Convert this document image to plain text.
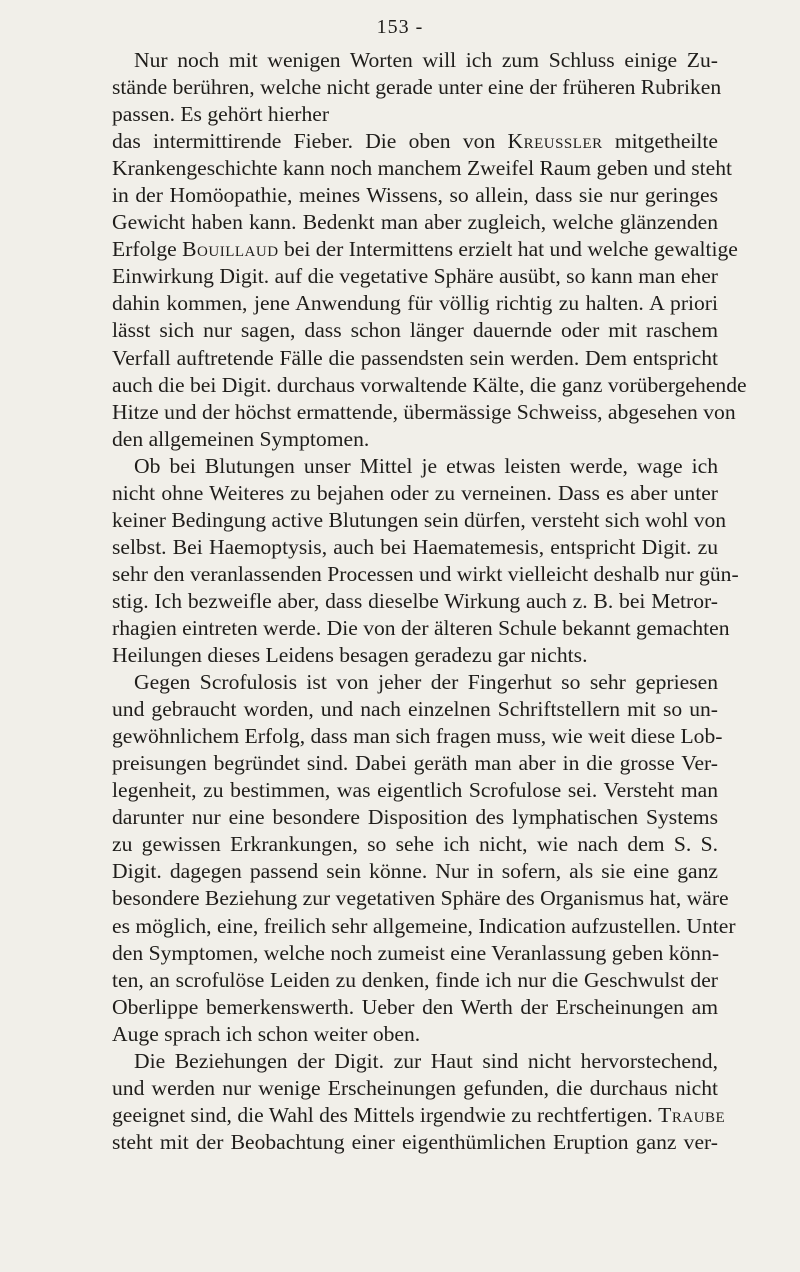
153 -
Nur noch mit wenigen Worten will ich zum Schluss einige Zu-
stände berühren, welche nicht gerade unter eine der früheren Rubriken
passen. Es gehört hierher
das intermittirende Fieber. Die oben von Kreussler mitgetheilte
Krankengeschichte kann noch manchem Zweifel Raum geben und steht
in der Homöopathie, meines Wissens, so allein, dass sie nur geringes
Gewicht haben kann. Bedenkt man aber zugleich, welche glänzenden
Erfolge Bouillaud bei der Intermittens erzielt hat und welche gewaltige
Einwirkung Digit. auf die vegetative Sphäre ausübt, so kann man eher
dahin kommen, jene Anwendung für völlig richtig zu halten. A priori
lässt sich nur sagen, dass schon länger dauernde oder mit raschem
Verfall auftretende Fälle die passendsten sein werden. Dem entspricht
auch die bei Digit. durchaus vorwaltende Kälte, die ganz vorübergehende
Hitze und der höchst ermattende, übermässige Schweiss, abgesehen von
den allgemeinen Symptomen.
Ob bei Blutungen unser Mittel je etwas leisten werde, wage ich
nicht ohne Weiteres zu bejahen oder zu verneinen. Dass es aber unter
keiner Bedingung active Blutungen sein dürfen, versteht sich wohl von
selbst. Bei Haemoptysis, auch bei Haematemesis, entspricht Digit. zu
sehr den veranlassenden Processen und wirkt vielleicht deshalb nur gün-
stig. Ich bezweifle aber, dass dieselbe Wirkung auch z. B. bei Metror-
rhagien eintreten werde. Die von der älteren Schule bekannt gemachten
Heilungen dieses Leidens besagen geradezu gar nichts.
Gegen Scrofulosis ist von jeher der Fingerhut so sehr gepriesen
und gebraucht worden, und nach einzelnen Schriftstellern mit so un-
gewöhnlichem Erfolg, dass man sich fragen muss, wie weit diese Lob-
preisungen begründet sind. Dabei geräth man aber in die grosse Ver-
legenheit, zu bestimmen, was eigentlich Scrofulose sei. Versteht man
darunter nur eine besondere Disposition des lymphatischen Systems
zu gewissen Erkrankungen, so sehe ich nicht, wie nach dem S. S.
Digit. dagegen passend sein könne. Nur in sofern, als sie eine ganz
besondere Beziehung zur vegetativen Sphäre des Organismus hat, wäre
es möglich, eine, freilich sehr allgemeine, Indication aufzustellen. Unter
den Symptomen, welche noch zumeist eine Veranlassung geben könn-
ten, an scrofulöse Leiden zu denken, finde ich nur die Geschwulst der
Oberlippe bemerkenswerth. Ueber den Werth der Erscheinungen am
Auge sprach ich schon weiter oben.
Die Beziehungen der Digit. zur Haut sind nicht hervorstechend,
und werden nur wenige Erscheinungen gefunden, die durchaus nicht
geeignet sind, die Wahl des Mittels irgendwie zu rechtfertigen. Traube
steht mit der Beobachtung einer eigenthümlichen Eruption ganz ver-
